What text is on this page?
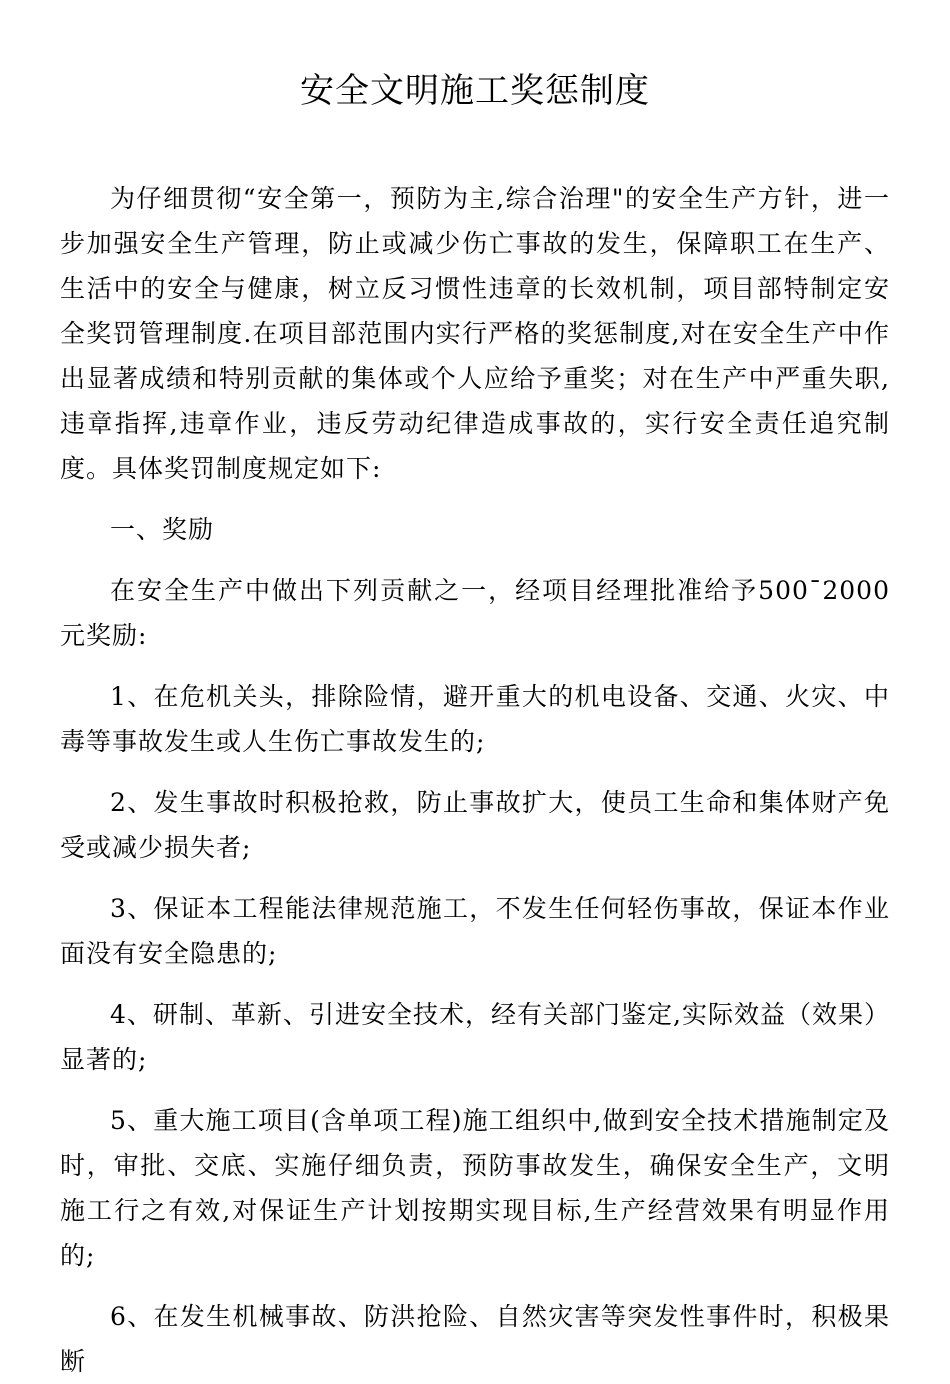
安全文明施工奖惩制度

为仔细贯彻“安全第一，预防为主,综合治理"的安全生产方针，进一步加强安全生产管理，防止或减少伤亡事故的发生，保障职工在生产、生活中的安全与健康，树立反习惯性违章的长效机制，项目部特制定安全奖罚管理制度.在项目部范围内实行严格的奖惩制度,对在安全生产中作出显著成绩和特别贡献的集体或个人应给予重奖；对在生产中严重失职,违章指挥,违章作业，违反劳动纪律造成事故的，实行安全责任追究制度。具体奖罚制度规定如下:

一、奖励

在安全生产中做出下列贡献之一，经项目经理批准给予500¯2000元奖励:

1、在危机关头，排除险情，避开重大的机电设备、交通、火灾、中毒等事故发生或人生伤亡事故发生的;

2、发生事故时积极抢救，防止事故扩大，使员工生命和集体财产免受或减少损失者;

3、保证本工程能法律规范施工，不发生任何轻伤事故，保证本作业面没有安全隐患的;

4、研制、革新、引进安全技术，经有关部门鉴定,实际效益（效果）显著的;

5、重大施工项目(含单项工程)施工组织中,做到安全技术措施制定及时，审批、交底、实施仔细负责，预防事故发生，确保安全生产，文明施工行之有效,对保证生产计划按期实现目标,生产经营效果有明显作用的;

6、在发生机械事故、防洪抢险、自然灾害等突发性事件时，积极果断
